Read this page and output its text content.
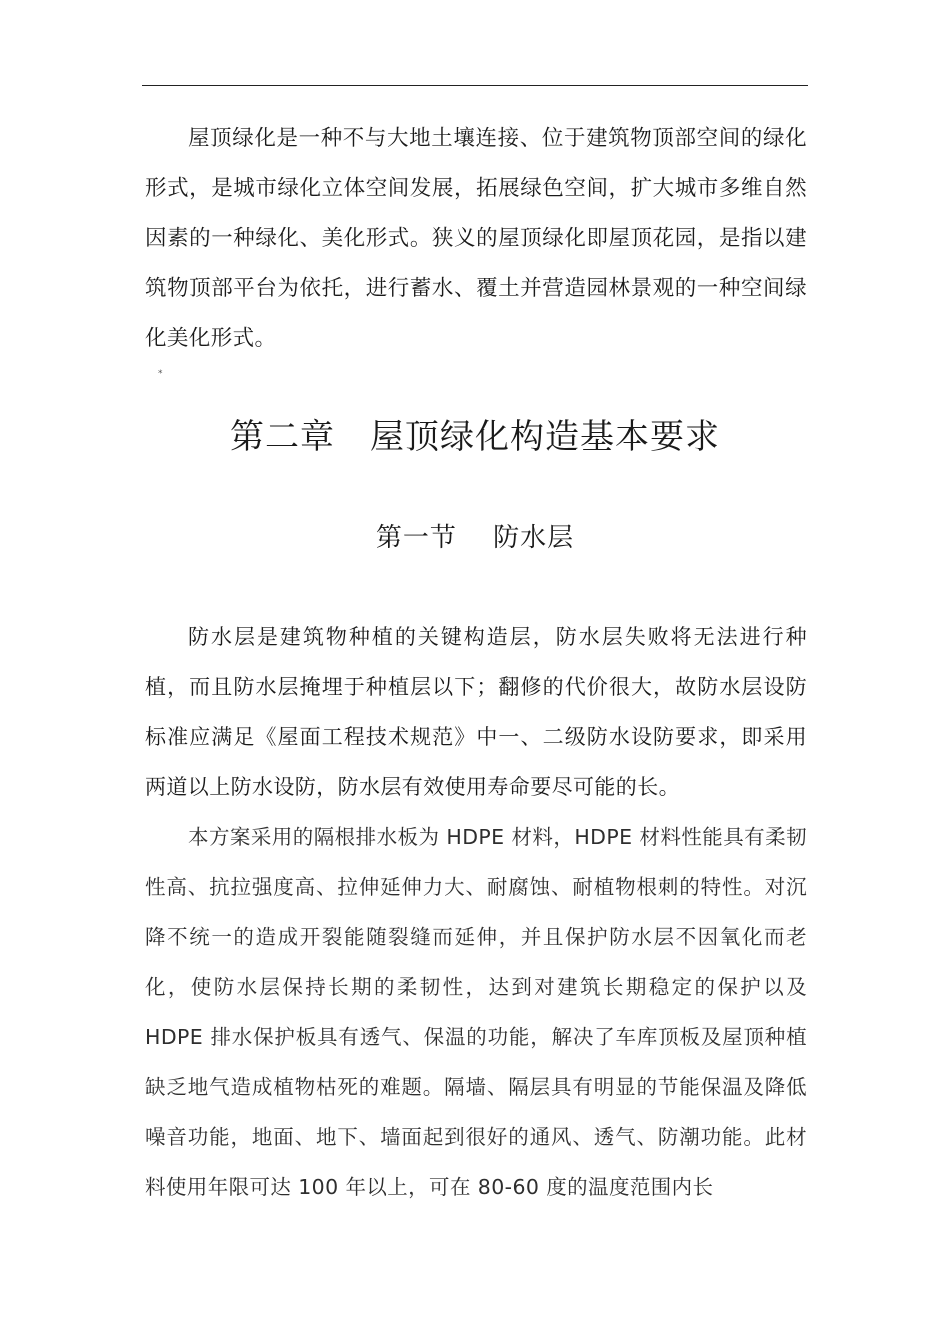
屋顶绿化是一种不与大地土壤连接、位于建筑物顶部空间的绿化形式，是城市绿化立体空间发展，拓展绿色空间，扩大城市多维自然因素的一种绿化、美化形式。狭义的屋顶绿化即屋顶花园，是指以建筑物顶部平台为依托，进行蓄水、覆土并营造园林景观的一种空间绿化美化形式。

*
第二章　屋顶绿化构造基本要求
第一节　 防水层

防水层是建筑物种植的关键构造层，防水层失败将无法进行种植，而且防水层掩埋于种植层以下；翻修的代价很大，故防水层设防标准应满足《屋面工程技术规范》中一、二级防水设防要求，即采用两道以上防水设防，防水层有效使用寿命要尽可能的长。

本方案采用的隔根排水板为 HDPE 材料，HDPE 材料性能具有柔韧性高、抗拉强度高、拉伸延伸力大、耐腐蚀、耐植物根刺的特性。对沉降不统一的造成开裂能随裂缝而延伸，并且保护防水层不因氧化而老化，使防水层保持长期的柔韧性，达到对建筑长期稳定的保护以及 HDPE 排水保护板具有透气、保温的功能，解决了车库顶板及屋顶种植缺乏地气造成植物枯死的难题。隔墙、隔层具有明显的节能保温及降低噪音功能，地面、地下、墙面起到很好的通风、透气、防潮功能。此材料使用年限可达 100 年以上，可在 80-60 度的温度范围内长
